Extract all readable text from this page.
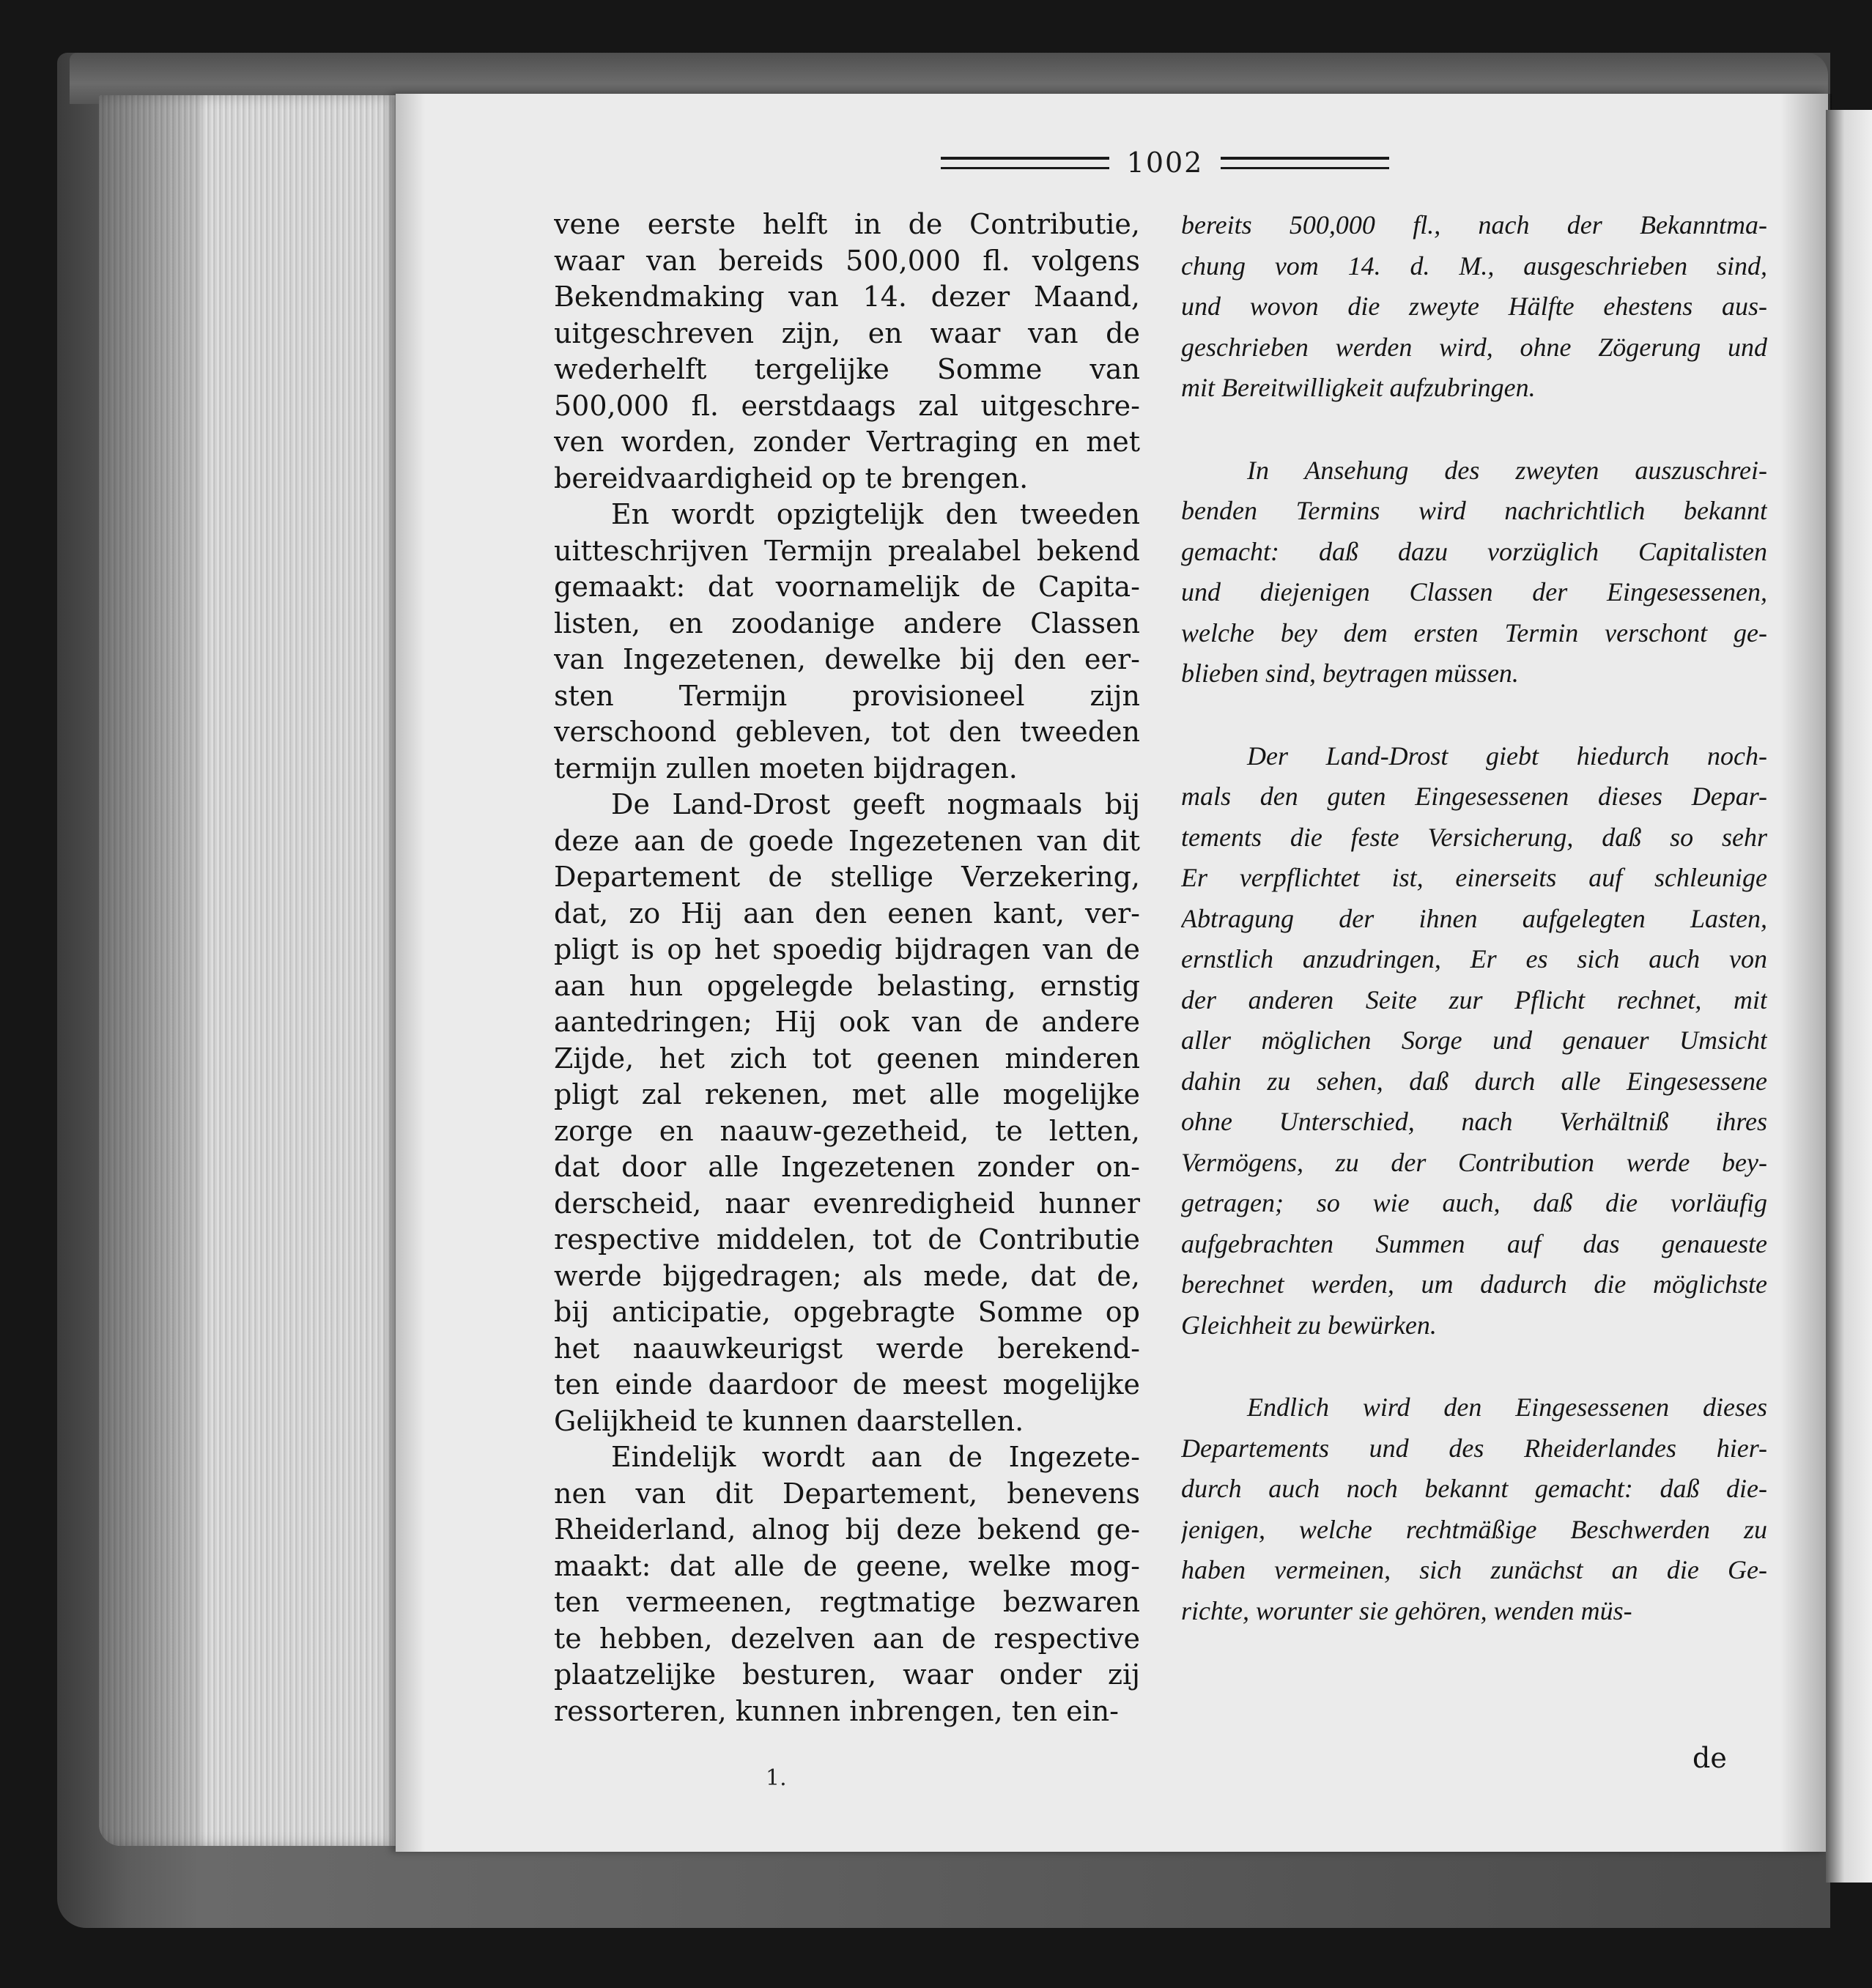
1002
vene eerste helft in de Contributie,
waar van bereids 500,000 fl. volgens
Bekendmaking van 14. dezer Maand,
uitgeschreven zijn, en waar van de
wederhelft tergelijke Somme van
500,000 fl. eerstdaags zal uitgeschre-
ven worden, zonder Vertraging en met
bereidvaardigheid op te brengen.
En wordt opzigtelijk den tweeden
uitteschrijven Termijn prealabel bekend
gemaakt: dat voornamelijk de Capita-
listen, en zoodanige andere Classen
van Ingezetenen, dewelke bij den eer-
sten Termijn provisioneel zijn
verschoond gebleven, tot den tweeden
termijn zullen moeten bijdragen.
De Land-Drost geeft nogmaals bij
deze aan de goede Ingezetenen van dit
Departement de stellige Verzekering,
dat, zo Hij aan den eenen kant, ver-
pligt is op het spoedig bijdragen van de
aan hun opgelegde belasting, ernstig
aantedringen; Hij ook van de andere
Zijde, het zich tot geenen minderen
pligt zal rekenen, met alle mogelijke
zorge en naauw-gezetheid, te letten,
dat door alle Ingezetenen zonder on-
derscheid, naar evenredigheid hunner
respective middelen, tot de Contributie
werde bijgedragen; als mede, dat de,
bij anticipatie, opgebragte Somme op
het naauwkeurigst werde berekend-
ten einde daardoor de meest mogelijke
Gelijkheid te kunnen daarstellen.
Eindelijk wordt aan de Ingezete-
nen van dit Departement, benevens
Rheiderland, alnog bij deze bekend ge-
maakt: dat alle de geene, welke mog-
ten vermeenen, regtmatige bezwaren
te hebben, dezelven aan de respective
plaatzelijke besturen, waar onder zij
ressorteren, kunnen inbrengen, ten ein-
bereits 500,000 fl., nach der Bekanntma-
chung vom 14. d. M., ausgeschrieben sind,
und wovon die zweyte Hälfte ehestens aus-
geschrieben werden wird, ohne Zögerung und
mit Bereitwilligkeit aufzubringen.
In Ansehung des zweyten auszuschrei-
benden Termins wird nachrichtlich bekannt
gemacht: daß dazu vorzüglich Capitalisten
und diejenigen Classen der Eingesessenen,
welche bey dem ersten Termin verschont ge-
blieben sind, beytragen müssen.
Der Land-Drost giebt hiedurch noch-
mals den guten Eingesessenen dieses Depar-
tements die feste Versicherung, daß so sehr
Er verpflichtet ist, einerseits auf schleunige
Abtragung der ihnen aufgelegten Lasten,
ernstlich anzudringen, Er es sich auch von
der anderen Seite zur Pflicht rechnet, mit
aller möglichen Sorge und genauer Umsicht
dahin zu sehen, daß durch alle Eingesessene
ohne Unterschied, nach Verhältniß ihres
Vermögens, zu der Contribution werde bey-
getragen; so wie auch, daß die vorläufig
aufgebrachten Summen auf das genaueste
berechnet werden, um dadurch die möglichste
Gleichheit zu bewürken.
Endlich wird den Eingesessenen dieses
Departements und des Rheiderlandes hier-
durch auch noch bekannt gemacht: daß die-
jenigen, welche rechtmäßige Beschwerden zu
haben vermeinen, sich zunächst an die Ge-
richte, worunter sie gehören, wenden müs-
de
1.
